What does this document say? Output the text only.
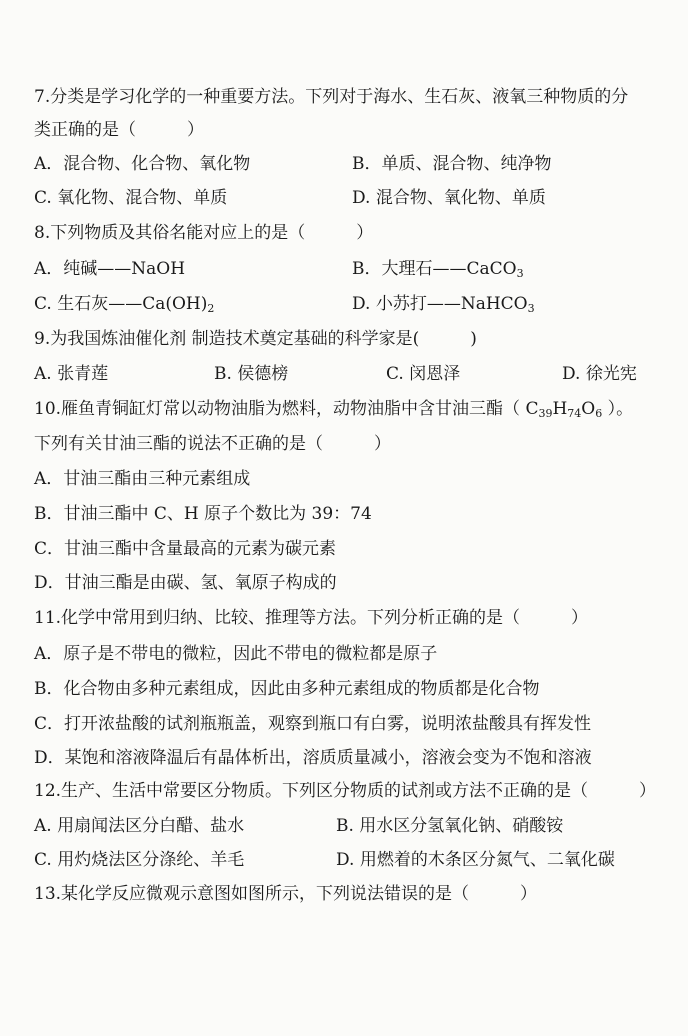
7.分类是学习化学的一种重要方法。下列对于海水、生石灰、液氧三种物质的分
类正确的是（　　　）
A．混合物、化合物、氧化物	B．单质、混合物、纯净物
C. 氧化物、混合物、单质	D. 混合物、氧化物、单质
8.下列物质及其俗名能对应上的是（　　　）
A．纯碱——NaOH	B．大理石——CaCO$_3$
C. 生石灰$——Ca(OH)_2$	D. 小苏打——NaHCO$_3$
9.为我国炼油催化剂 制造技术奠定基础的科学家是(　　　)
A. 张青莲	B. 侯德榜	C. 闵恩泽	D. 徐光宪
10.雁鱼青铜缸灯常以动物油脂为燃料，动物油脂中含甘油三酯（ $C_{39}H_{74}O_6$ ）。
下列有关甘油三酯的说法不正确的是（　　　）
A．甘油三酯由三种元素组成
B．甘油三酯中 C、H 原子个数比为 39：74
C．甘油三酯中含量最高的元素为碳元素
D．甘油三酯是由碳、氢、氧原子构成的
11.化学中常用到归纳、比较、推理等方法。下列分析正确的是（　　　）
A．原子是不带电的微粒，因此不带电的微粒都是原子
B．化合物由多种元素组成，因此由多种元素组成的物质都是化合物
C．打开浓盐酸的试剂瓶瓶盖，观察到瓶口有白雾，说明浓盐酸具有挥发性
D．某饱和溶液降温后有晶体析出，溶质质量减小，溶液会变为不饱和溶液
12.生产、生活中常要区分物质。下列区分物质的试剂或方法不正确的是（　　　）
A. 用扇闻法区分白醋、盐水	B. 用水区分氢氧化钠、硝酸铵
C. 用灼烧法区分涤纶、羊毛	D. 用燃着的木条区分氮气、二氧化碳
13.某化学反应微观示意图如图所示，下列说法错误的是（　　　）
